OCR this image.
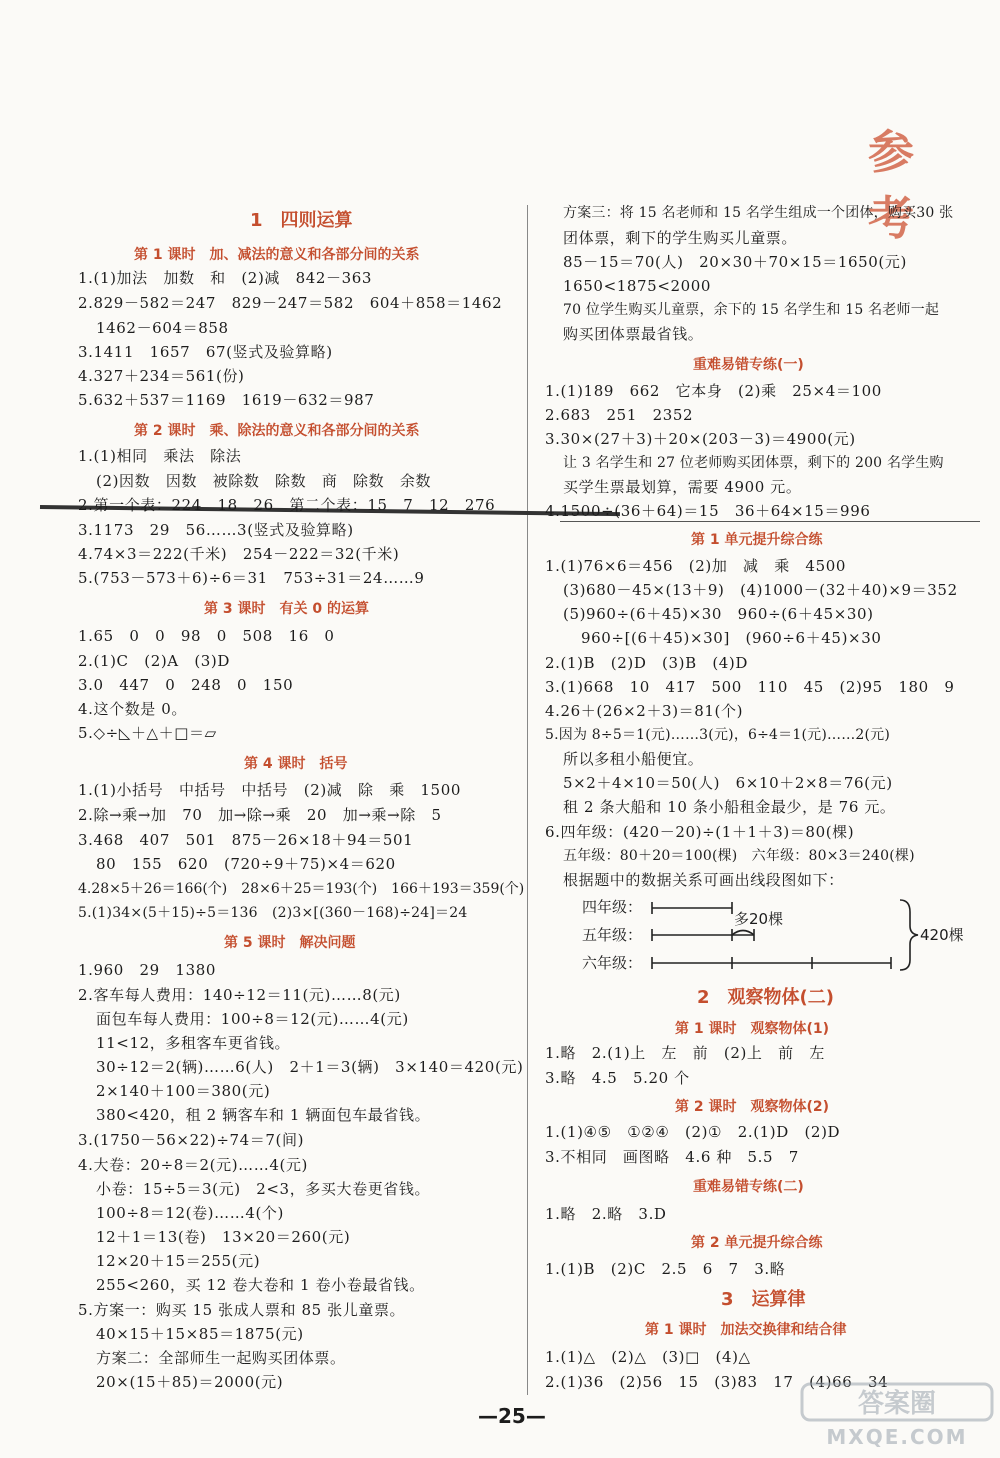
参 考
1　四则运算
第 1 课时　加、减法的意义和各部分间的关系
1.(1)加法　加数　和　(2)减　842－363
2.829－582＝247　829－247＝582　604＋858＝1462
1462－604＝858
3.1411　1657　67(竖式及验算略)
4.327＋234＝561(份)
5.632＋537＝1169　1619－632＝987
第 2 课时　乘、除法的意义和各部分间的关系
1.(1)相同　乘法　除法
(2)因数　因数　被除数　除数　商　除数　余数
2.第一个表：224　18　26　第二个表：15　7　12　276
3.1173　29　56……3(竖式及验算略)
4.74×3＝222(千米)　254－222＝32(千米)
5.(753－573＋6)÷6＝31　753÷31＝24……9
第 3 课时　有关 0 的运算
1.65　0　0　98　0　508　16　0
2.(1)C　(2)A　(3)D
3.0　447　0　248　0　150
4.这个数是 0。
5.◇÷◺＋△＋□＝▱
第 4 课时　括号
1.(1)小括号　中括号　中括号　(2)减　除　乘　1500
2.除→乘→加　70　加→除→乘　20　加→乘→除　5
3.468　407　501　875－26×18＋94＝501
80　155　620　(720÷9＋75)×4＝620
4.28×5＋26＝166(个)　28×6＋25＝193(个)　166＋193＝359(个)
5.(1)34×(5＋15)÷5＝136　(2)3×[(360－168)÷24]＝24
第 5 课时　解决问题
1.960　29　1380
2.客车每人费用：140÷12＝11(元)……8(元)
面包车每人费用：100÷8＝12(元)……4(元)
11<12，多租客车更省钱。
30÷12＝2(辆)……6(人)　2＋1＝3(辆)　3×140＝420(元)
2×140＋100＝380(元)
380<420，租 2 辆客车和 1 辆面包车最省钱。
3.(1750－56×22)÷74＝7(间)
4.大卷：20÷8＝2(元)……4(元)
小卷：15÷5＝3(元)　2<3，多买大卷更省钱。
100÷8＝12(卷)……4(个)
12＋1＝13(卷)　13×20＝260(元)
12×20＋15＝255(元)
255<260，买 12 卷大卷和 1 卷小卷最省钱。
5.方案一：购买 15 张成人票和 85 张儿童票。
40×15＋15×85＝1875(元)
方案二：全部师生一起购买团体票。
20×(15＋85)＝2000(元)
方案三：将 15 名老师和 15 名学生组成一个团体，购买30 张
团体票，剩下的学生购买儿童票。
85－15＝70(人)　20×30＋70×15＝1650(元)
1650<1875<2000
70 位学生购买儿童票，余下的 15 名学生和 15 名老师一起
购买团体票最省钱。
重难易错专练(一)
1.(1)189　662　它本身　(2)乘　25×4＝100
2.683　251　2352
3.30×(27＋3)＋20×(203－3)＝4900(元)
让 3 名学生和 27 位老师购买团体票，剩下的 200 名学生购
买学生票最划算，需要 4900 元。
4.1500÷(36＋64)＝15　36＋64×15＝996
第 1 单元提升综合练
1.(1)76×6＝456　(2)加　减　乘　4500
(3)680－45×(13＋9)　(4)1000－(32＋40)×9＝352
(5)960÷(6＋45)×30　960÷(6＋45×30)
960÷[(6＋45)×30]　(960÷6＋45)×30
2.(1)B　(2)D　(3)B　(4)D
3.(1)668　10　417　500　110　45　(2)95　180　9
4.26＋(26×2＋3)＝81(个)
5.因为 8÷5＝1(元)……3(元)，6÷4＝1(元)……2(元)
所以多租小船便宜。
5×2＋4×10＝50(人)　6×10＋2×8＝76(元)
租 2 条大船和 10 条小船租金最少，是 76 元。
6.四年级：(420－20)÷(1＋1＋3)＝80(棵)
五年级：80＋20＝100(棵)　六年级：80×3＝240(棵)
根据题中的数据关系可画出线段图如下：
四年级：
五年级：
六年级：
多20棵
420棵
2　观察物体(二)
第 1 课时　观察物体(1)
1.略　2.(1)上　左　前　(2)上　前　左
3.略　4.5　5.20 个
第 2 课时　观察物体(2)
1.(1)④⑤　①②④　(2)①　2.(1)D　(2)D
3.不相同　画图略　4.6 种　5.5　7
重难易错专练(二)
1.略　2.略　3.D
第 2 单元提升综合练
1.(1)B　(2)C　2.5　6　7　3.略
3　运算律
第 1 课时　加法交换律和结合律
1.(1)△　(2)△　(3)□　(4)△
2.(1)36　(2)56　15　(3)83　17　(4)66　34
—25—	答案圈
MXQE.COM
